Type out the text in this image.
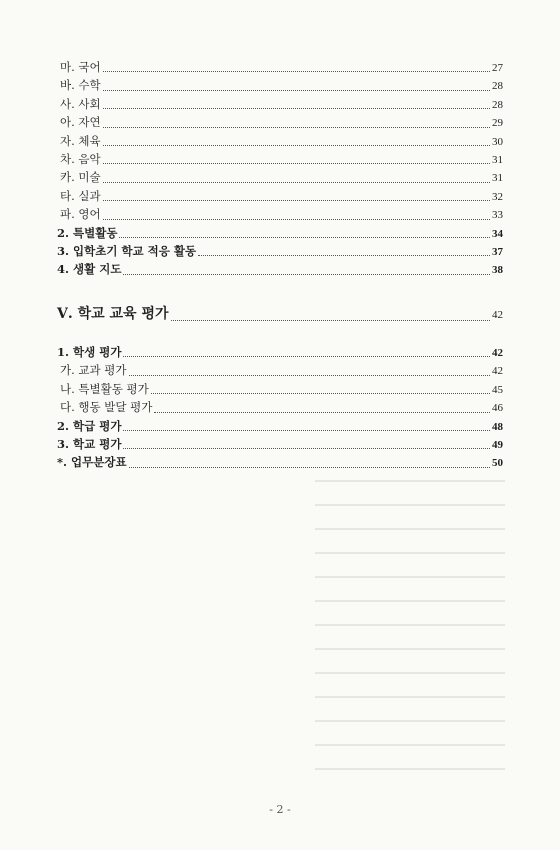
마. 국어	27
바. 수학	28
사. 사회	28
아. 자연	29
자. 체육	30
차. 음악	31
카. 미술	31
타. 실과	32
파. 영어	33
2. 특별활동	34
3. 입학초기 학교 적응 활동	37
4. 생활 지도	38
Ⅴ. 학교 교육 평가	42
1. 학생 평가	42
가. 교과 평가	42
나. 특별활동 평가	45
다. 행동 발달 평가	46
2. 학급 평가	48
3. 학교 평가	49
*. 업무분장표	50
- 2 -
